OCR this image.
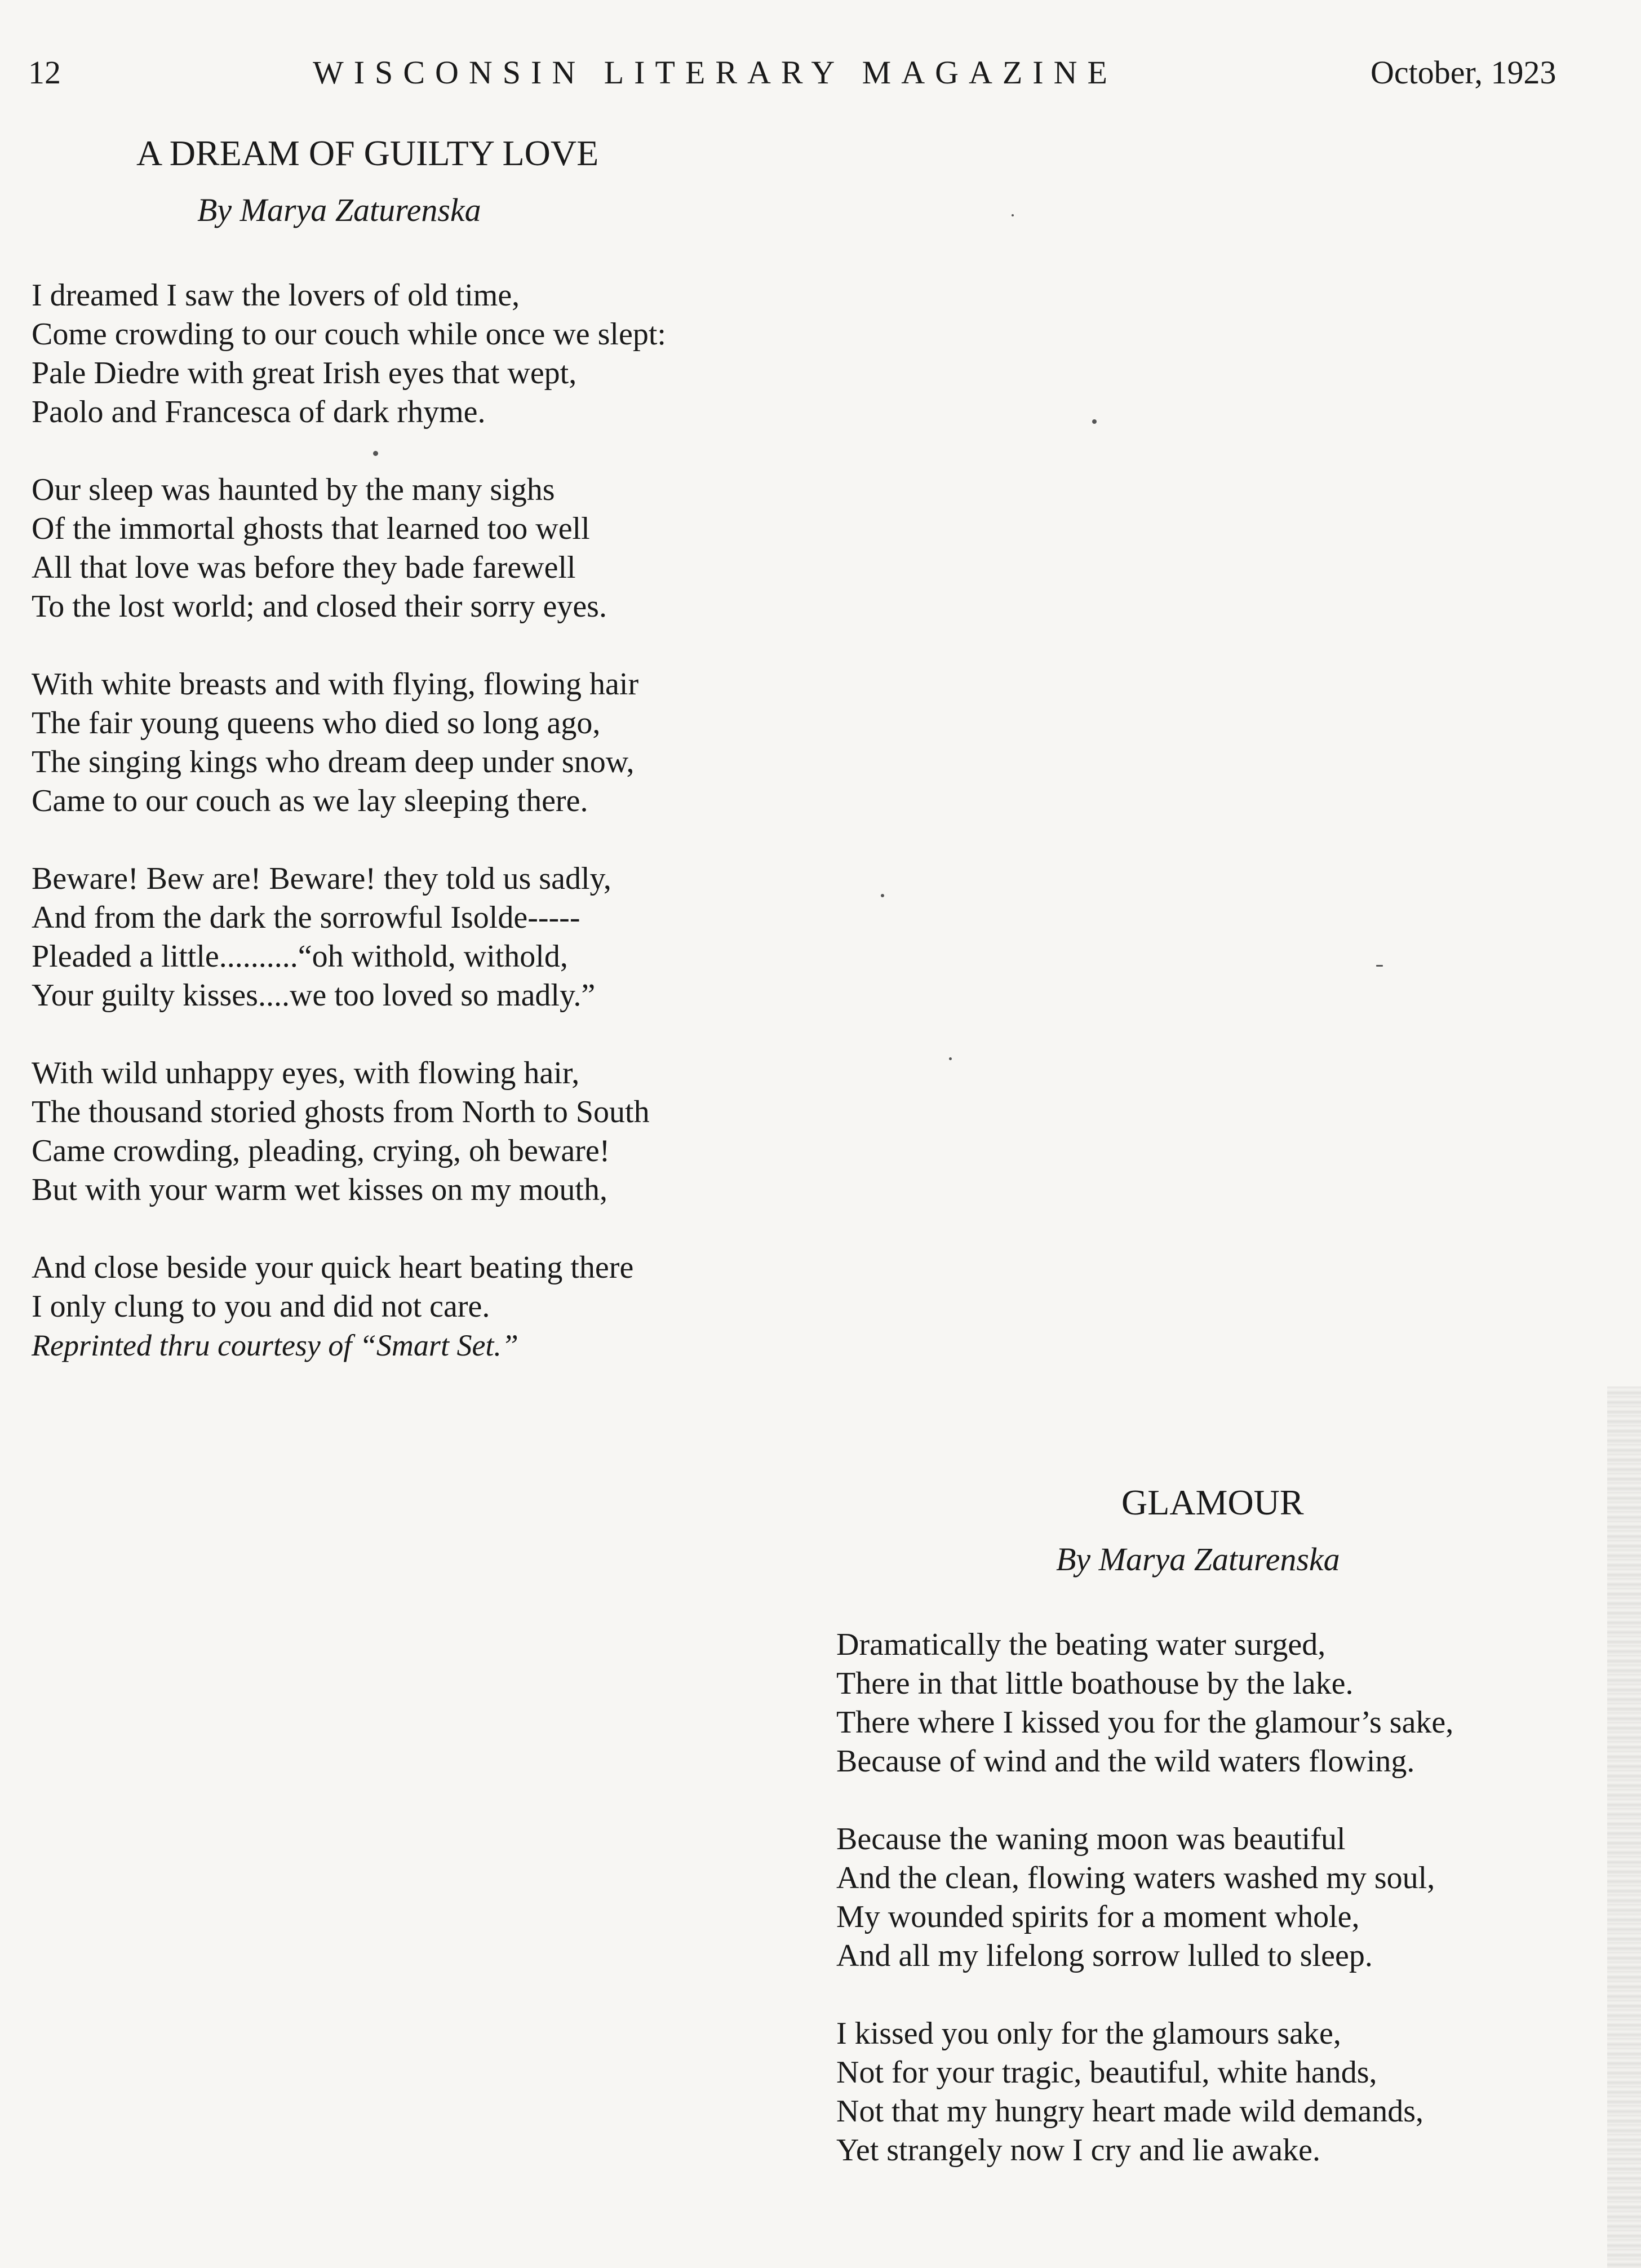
12	WISCONSIN LITERARY MAGAZINE	October, 1923
A DREAM OF GUILTY LOVE
By Marya Zaturenska

I dreamed I saw the lovers of old time,
Come crowding to our couch while once we slept:
Pale Diedre with great Irish eyes that wept,
Paolo and Francesca of dark rhyme.

Our sleep was haunted by the many sighs
Of the immortal ghosts that learned too well
All that love was before they bade farewell
To the lost world; and closed their sorry eyes.

With white breasts and with flying, flowing hair
The fair young queens who died so long ago,
The singing kings who dream deep under snow,
Came to our couch as we lay sleeping there.

Beware! Bew are! Beware! they told us sadly,
And from the dark the sorrowful Isolde-----
Pleaded a little..........“oh withold, withold,
Your guilty kisses....we too loved so madly.”

With wild unhappy eyes, with flowing hair,
The thousand storied ghosts from North to South
Came crowding, pleading, crying, oh beware!
But with your warm wet kisses on my mouth,

And close beside your quick heart beating there
I only clung to you and did not care.
Reprinted thru courtesy of “Smart Set.”

GLAMOUR
By Marya Zaturenska

Dramatically the beating water surged,
There in that little boathouse by the lake.
There where I kissed you for the glamour’s sake,
Because of wind and the wild waters flowing.

Because the waning moon was beautiful
And the clean, flowing waters washed my soul,
My wounded spirits for a moment whole,
And all my lifelong sorrow lulled to sleep.

I kissed you only for the glamours sake,
Not for your tragic, beautiful, white hands,
Not that my hungry heart made wild demands,
Yet strangely now I cry and lie awake.
